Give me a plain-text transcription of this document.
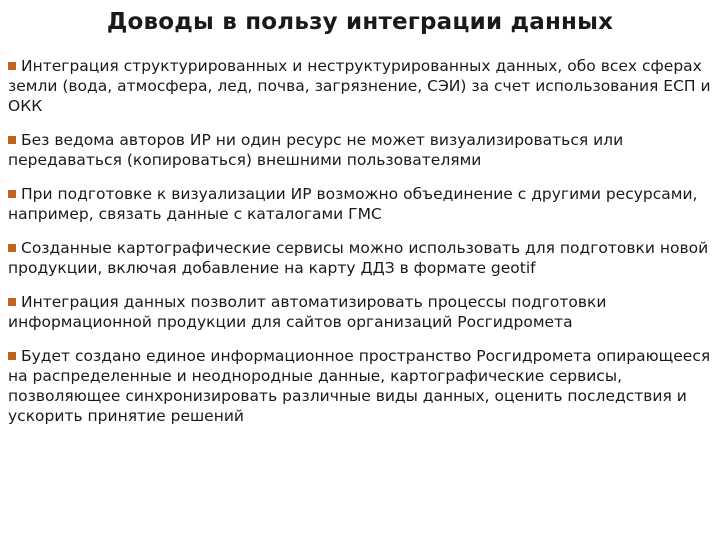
Доводы в пользу интеграции данных
Интеграция структурированных и неструктурированных данных, обо всех сферах земли (вода, атмосфера, лед, почва, загрязнение, СЭИ) за счет использования ЕСП и ОКК
Без ведома авторов ИР ни один ресурс не может визуализироваться или передаваться (копироваться) внешними пользователями
При подготовке к визуализации ИР возможно объединение с другими ресурсами, например, связать данные с каталогами ГМС
Созданные картографические сервисы можно использовать для подготовки новой продукции, включая добавление на карту ДДЗ в формате geotif
Интеграция данных позволит автоматизировать процессы подготовки информационной продукции для сайтов организаций Росгидромета
Будет создано единое информационное пространство Росгидромета опирающееся на распределенные и неоднородные данные, картографические сервисы, позволяющее синхронизировать различные виды данных, оценить последствия и ускорить принятие решений
